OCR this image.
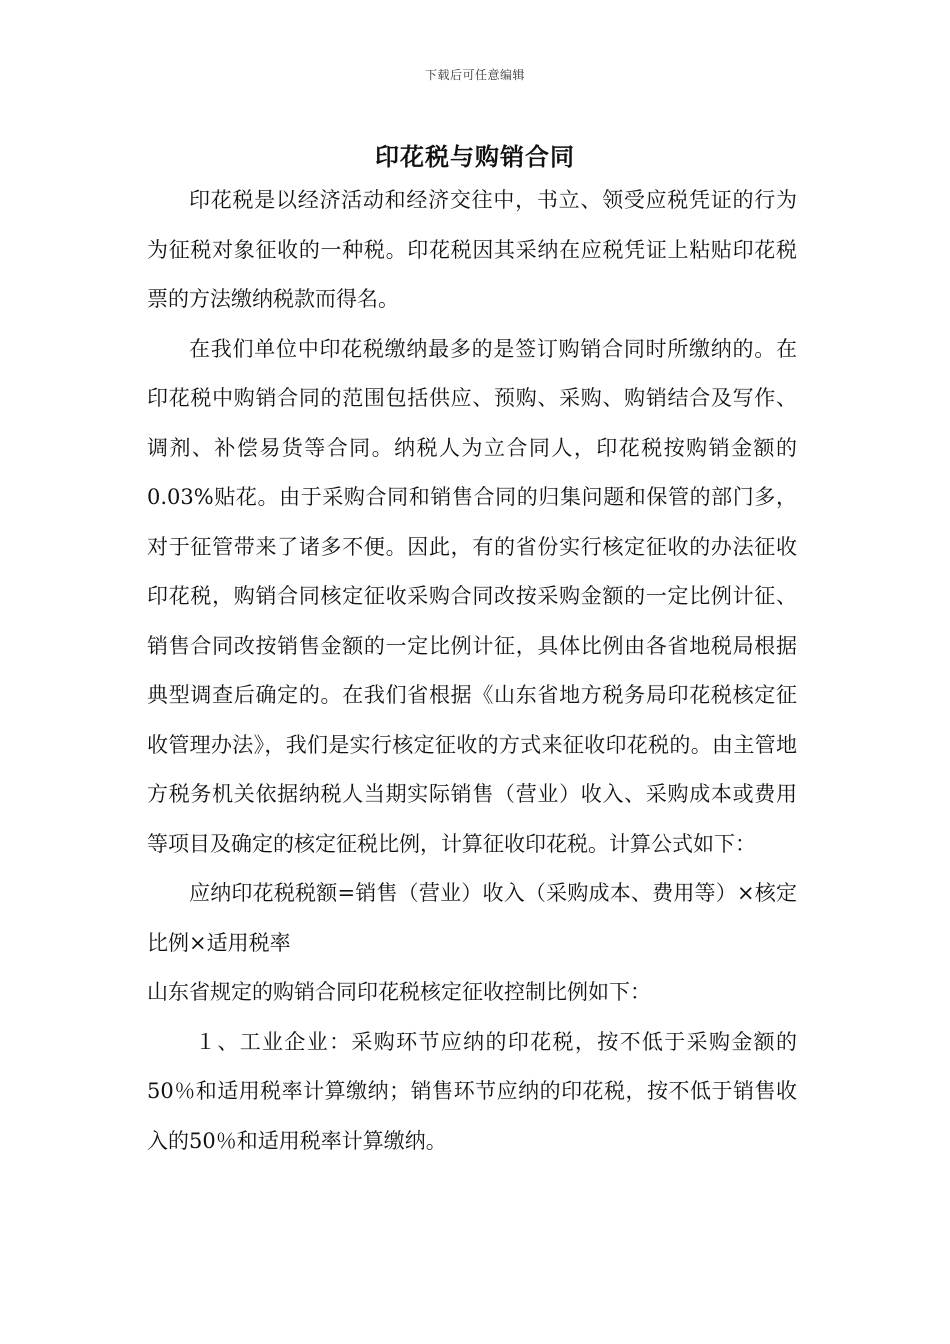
下载后可任意编辑
印花税与购销合同

印花税是以经济活动和经济交往中，书立、领受应税凭证的行为为征税对象征收的一种税。印花税因其采纳在应税凭证上粘贴印花税票的方法缴纳税款而得名。

在我们单位中印花税缴纳最多的是签订购销合同时所缴纳的。在印花税中购销合同的范围包括供应、预购、采购、购销结合及写作、调剂、补偿易货等合同。纳税人为立合同人，印花税按购销金额的0.03%贴花。由于采购合同和销售合同的归集问题和保管的部门多，对于征管带来了诸多不便。因此，有的省份实行核定征收的办法征收印花税，购销合同核定征收采购合同改按采购金额的一定比例计征、销售合同改按销售金额的一定比例计征，具体比例由各省地税局根据典型调查后确定的。在我们省根据《山东省地方税务局印花税核定征收管理办法》，我们是实行核定征收的方式来征收印花税的。由主管地方税务机关依据纳税人当期实际销售（营业）收入、采购成本或费用等项目及确定的核定征税比例，计算征收印花税。计算公式如下：

应纳印花税税额=销售（营业）收入（采购成本、费用等）×核定比例×适用税率

山东省规定的购销合同印花税核定征收控制比例如下：

１、工业企业：采购环节应纳的印花税，按不低于采购金额的50％和适用税率计算缴纳；销售环节应纳的印花税，按不低于销售收入的50％和适用税率计算缴纳。
